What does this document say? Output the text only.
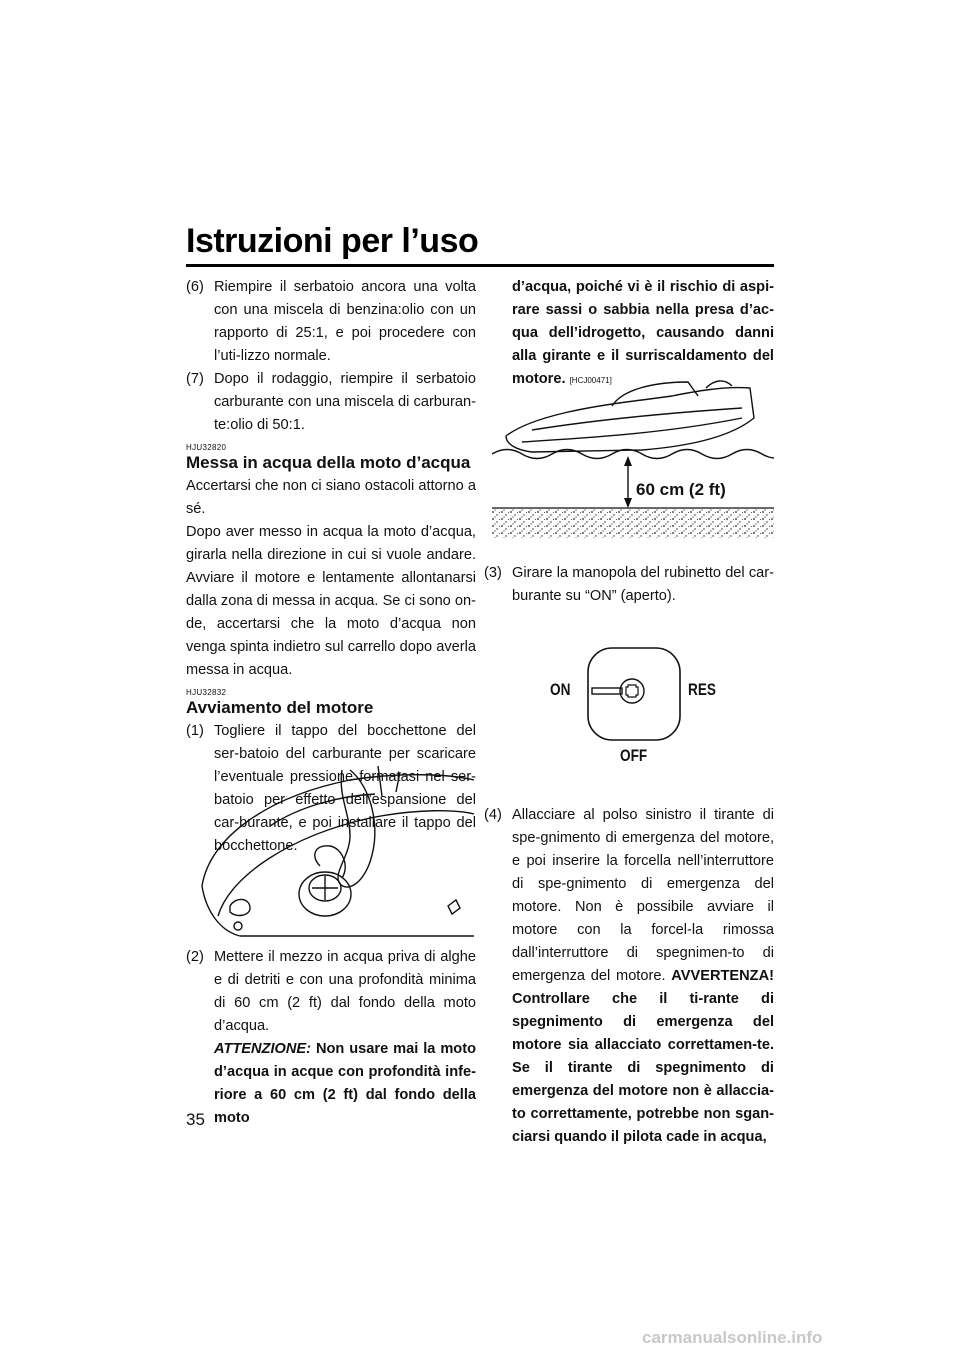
Istruzioni per l’uso
35
(6) Riempire il serbatoio ancora una volta con una miscela di benzina:olio con un rapporto di 25:1, e poi procedere con l’uti-lizzo normale.
(7) Dopo il rodaggio, riempire il serbatoio carburante con una miscela di carburan-te:olio di 50:1.
HJU32820
Messa in acqua della moto d’acqua

Accertarsi che non ci siano ostacoli attorno a sé.

Dopo aver messo in acqua la moto d’acqua, girarla nella direzione in cui si vuole andare. Avviare il motore e lentamente allontanarsi dalla zona di messa in acqua. Se ci sono on-de, accertarsi che la moto d’acqua non venga spinta indietro sul carrello dopo averla messa in acqua.

HJU32832
Avviamento del motore
(1) Togliere il tappo del bocchettone del ser-batoio del carburante per scaricare l’eventuale pressione formatasi nel ser-batoio per effetto dell’espansione del car-burante, e poi installare il tappo del bocchettone.
(2) Mettere il mezzo in acqua priva di alghe e di detriti e con una profondità minima di 60 cm (2 ft) dal fondo della moto d’acqua.
ATTENZIONE: Non usare mai la moto d’acqua in acque con profondità infe-riore a 60 cm (2 ft) dal fondo della moto
d’acqua, poiché vi è il rischio di aspi-rare sassi o sabbia nella presa d’ac-qua dell’idrogetto, causando danni alla girante e il surriscaldamento del motore. [HCJ00471]
60 cm (2 ft)
(3) Girare la manopola del rubinetto del car-burante su “ON” (aperto).
ON	RES
OFF
(4) Allacciare al polso sinistro il tirante di spe-gnimento di emergenza del motore, e poi inserire la forcella nell’interruttore di spe-gnimento di emergenza del motore. Non è possibile avviare il motore con la forcel-la rimossa dall’interruttore di spegnimen-to di emergenza del motore. AVVERTENZA! Controllare che il ti-rante di spegnimento di emergenza del motore sia allacciato correttamen-te. Se il tirante di spegnimento di emergenza del motore non è allaccia-to correttamente, potrebbe non sgan-ciarsi quando il pilota cade in acqua,
carmanualsonline.info
